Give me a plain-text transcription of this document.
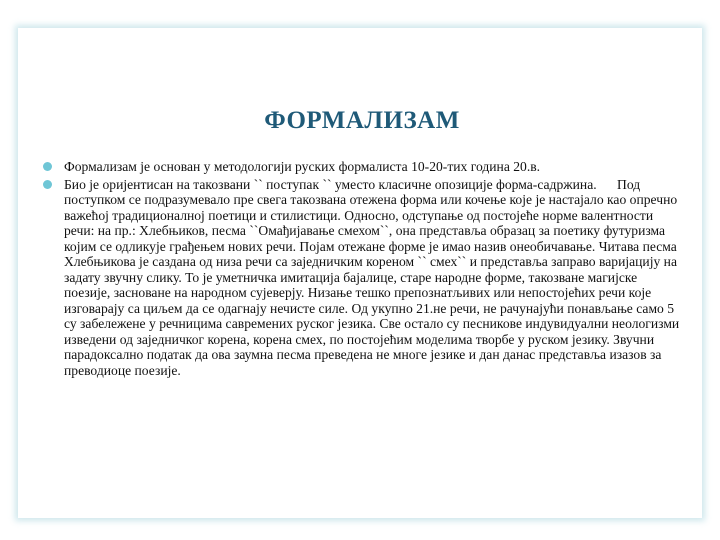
ФОРМАЛИЗАМ
Формализам је основан у методологији руских формалиста 10-20-тих година 20.в.
Био је оријентисан на такозвани `` поступак `` уместо класичне опозиције форма-садржина.      Под поступком се подразумевало пре свега такозвана отежена форма или кочење које је настајало као опречно важећој традиционалној поетици и стилистици. Односно, одступање од постојеће норме валентности речи: на пр.: Хлебњиков, песма ``Омађијавање смехом``, она представља образац за поетику футуризма којим се одликује грађењем нових речи. Појам отежане форме је имао назив онеобичавање. Читава песма Хлебњикова је саздана од низа речи са заједничким кореном `` смех`` и представља заправо варијацију на задату звучну слику. То је уметничка имитација бајалице, старе народне форме, такозване магијске поезије, засноване на народном сујеверју. Низање тешко препознатљивих или непостојећих речи које изговарају са циљем да се одагнају нечисте силе. Од укупно 21.не речи, не рачунајући понављање само 5 су забележене у речницима савремених руског језика. Све остало су песникове индувидуални неологизми изведени од заједничког корена, корена смех, по постојећим моделима творбе у руском језику. Звучни парадоксално податак да ова заумна песма преведена не многе језике и дан данас представља изазов за преводиоце поезије.
